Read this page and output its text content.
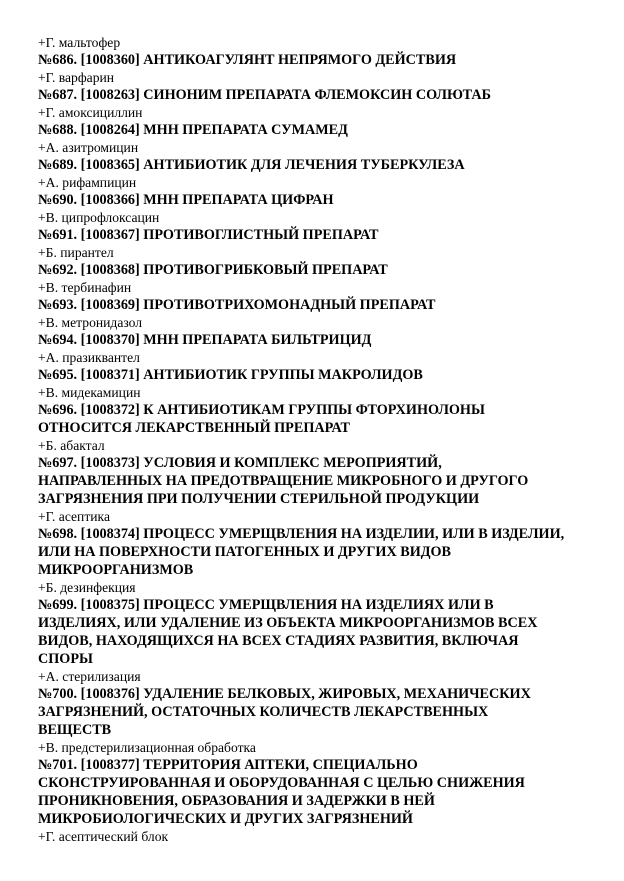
+Г. мальтофер

№686. [1008360] АНТИКОАГУЛЯНТ НЕПРЯМОГО ДЕЙСТВИЯ

+Г. варфарин

№687. [1008263] СИНОНИМ ПРЕПАРАТА ФЛЕМОКСИН СОЛЮТАБ

+Г. амоксициллин

№688. [1008264] МНН ПРЕПАРАТА СУМАМЕД

+А. азитромицин

№689. [1008365] АНТИБИОТИК ДЛЯ ЛЕЧЕНИЯ ТУБЕРКУЛЕЗА

+А. рифампицин

№690. [1008366] МНН ПРЕПАРАТА ЦИФРАН

+В. ципрофлоксацин

№691. [1008367] ПРОТИВОГЛИСТНЫЙ ПРЕПАРАТ

+Б. пирантел

№692. [1008368] ПРОТИВОГРИБКОВЫЙ ПРЕПАРАТ

+В. тербинафин

№693. [1008369] ПРОТИВОТРИХОМОНАДНЫЙ ПРЕПАРАТ

+В. метронидазол

№694. [1008370] МНН ПРЕПАРАТА БИЛЬТРИЦИД

+А. празиквантел

№695. [1008371] АНТИБИОТИК ГРУППЫ МАКРОЛИДОВ

+В. мидекамицин

№696. [1008372] К АНТИБИОТИКАМ ГРУППЫ ФТОРХИНОЛОНЫ

ОТНОСИТСЯ ЛЕКАРСТВЕННЫЙ ПРЕПАРАТ

+Б. абактал

№697. [1008373] УСЛОВИЯ И КОМПЛЕКС МЕРОПРИЯТИЙ,

НАПРАВЛЕННЫХ НА ПРЕДОТВРАЩЕНИЕ МИКРОБНОГО И ДРУГОГО

ЗАГРЯЗНЕНИЯ ПРИ ПОЛУЧЕНИИ СТЕРИЛЬНОЙ ПРОДУКЦИИ

+Г. асептика

№698. [1008374] ПРОЦЕСС УМЕРЩВЛЕНИЯ НА ИЗДЕЛИИ, ИЛИ В ИЗДЕЛИИ,

ИЛИ НА ПОВЕРХНОСТИ ПАТОГЕННЫХ И ДРУГИХ ВИДОВ

МИКРООРГАНИЗМОВ

+Б. дезинфекция

№699. [1008375] ПРОЦЕСС УМЕРЩВЛЕНИЯ НА ИЗДЕЛИЯХ ИЛИ В

ИЗДЕЛИЯХ, ИЛИ УДАЛЕНИЕ ИЗ ОБЪЕКТА МИКРООРГАНИЗМОВ ВСЕХ

ВИДОВ, НАХОДЯЩИХСЯ НА ВСЕХ СТАДИЯХ РАЗВИТИЯ, ВКЛЮЧАЯ

СПОРЫ

+А. стерилизация

№700. [1008376] УДАЛЕНИЕ БЕЛКОВЫХ, ЖИРОВЫХ, МЕХАНИЧЕСКИХ

ЗАГРЯЗНЕНИЙ, ОСТАТОЧНЫХ КОЛИЧЕСТВ ЛЕКАРСТВЕННЫХ

ВЕЩЕСТВ

+В. предстерилизационная обработка

№701. [1008377] ТЕРРИТОРИЯ АПТЕКИ, СПЕЦИАЛЬНО

СКОНСТРУИРОВАННАЯ И ОБОРУДОВАННАЯ С ЦЕЛЬЮ СНИЖЕНИЯ

ПРОНИКНОВЕНИЯ, ОБРАЗОВАНИЯ И ЗАДЕРЖКИ В НЕЙ

МИКРОБИОЛОГИЧЕСКИХ И ДРУГИХ ЗАГРЯЗНЕНИЙ

+Г. асептический блок
